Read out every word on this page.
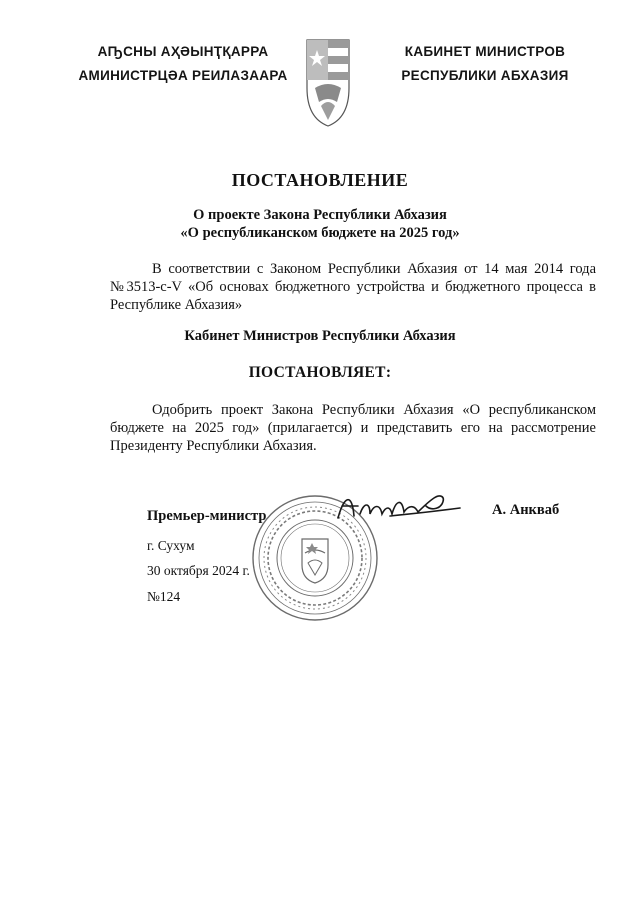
АҦСНЫ АҲӘЫНҬҚАРРА
АМИНИСТРЦӘА РЕИЛАЗААРА
КАБИНЕТ МИНИСТРОВ
РЕСПУБЛИКИ АБХАЗИЯ
ПОСТАНОВЛЕНИЕ
О проекте Закона Республики Абхазия
«О республиканском бюджете на 2025 год»
В соответствии с Законом Республики Абхазия от 14 мая 2014 года №3513-с-V «Об основах бюджетного устройства и бюджетного процесса в Республике Абхазия»
Кабинет Министров Республики Абхазия
ПОСТАНОВЛЯЕТ:
Одобрить проект Закона Республики Абхазия «О республиканском бюджете на 2025 год» (прилагается) и представить его на рассмотрение Президенту Республики Абхазия.
Премьер-министр	А. Анкваб
г. Сухум
30 октября 2024 г.
№124
